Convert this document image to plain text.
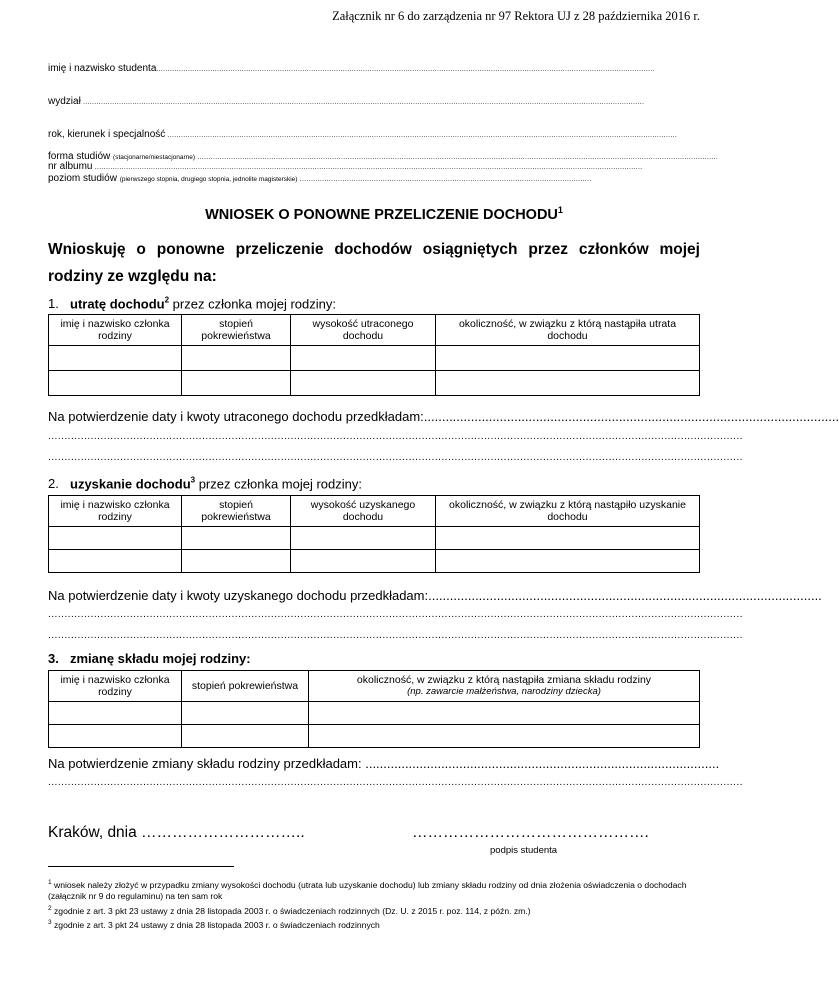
Załącznik nr 6 do zarządzenia nr 97 Rektora UJ z 28 października 2016 r.
imię i nazwisko studenta..............................................................................................................................................................................................................................
wydział ..........................................................................................................................................................................................................................................................
rok, kierunek i specjalność ...................................................................................................................................................................................................................................
nr albumu ....................................................................................................................................................................................................................................................
forma studiów (stacjonarne/niestacjonarne) ........................................................................................................................................................................................................................................
poziom studiów (pierwszego stopnia, drugiego stopnia, jednolite magisterskie) ..................................................................................................................................
WNIOSEK O PONOWNE PRZELICZENIE DOCHODU$^1$
Wnioskuję o ponowne przeliczenie dochodów osiągniętych przez członków mojej rodziny ze względu na:
1. utratę dochodu$^2$ przez członka mojej rodziny:
imię i nazwisko członka rodziny	stopień pokrewieństwa	wysokość utraconego dochodu	okoliczność, w związku z którą nastąpiła utrata dochodu

Na potwierdzenie daty i kwoty utraconego dochodu przedkładam:...................................................................................................................
....................................................................................................................................................................................................................
....................................................................................................................................................................................................................
2. uzyskanie dochodu$^3$ przez członka mojej rodziny:
imię i nazwisko członka rodziny	stopień pokrewieństwa	wysokość uzyskanego dochodu	okoliczność, w związku z którą nastąpiło uzyskanie dochodu

Na potwierdzenie daty i kwoty uzyskanego dochodu przedkładam:.............................................................................................................
....................................................................................................................................................................................................................
....................................................................................................................................................................................................................
3. zmianę składu mojej rodziny:
imię i nazwisko członka rodziny	stopień pokrewieństwa	okoliczność, w związku z którą nastąpiła zmiana składu rodziny
(np. zawarcie małżeństwa, narodziny dziecka)

Na potwierdzenie zmiany składu rodziny przedkładam: ..................................................................................................
....................................................................................................................................................................................................................
Kraków, dnia …………………………..	……………………………………….
podpis studenta
$^1$ wniosek należy złożyć w przypadku zmiany wysokości dochodu (utrata lub uzyskanie dochodu) lub zmiany składu rodziny od dnia złożenia oświadczenia o dochodach (załącznik nr 9 do regulaminu) na ten sam rok
$^2$ zgodnie z art. 3 pkt 23 ustawy z dnia 28 listopada 2003 r. o świadczeniach rodzinnych (Dz. U. z 2015 r. poz. 114, z późn. zm.)
$^3$ zgodnie z art. 3 pkt 24 ustawy z dnia 28 listopada 2003 r. o świadczeniach rodzinnych
